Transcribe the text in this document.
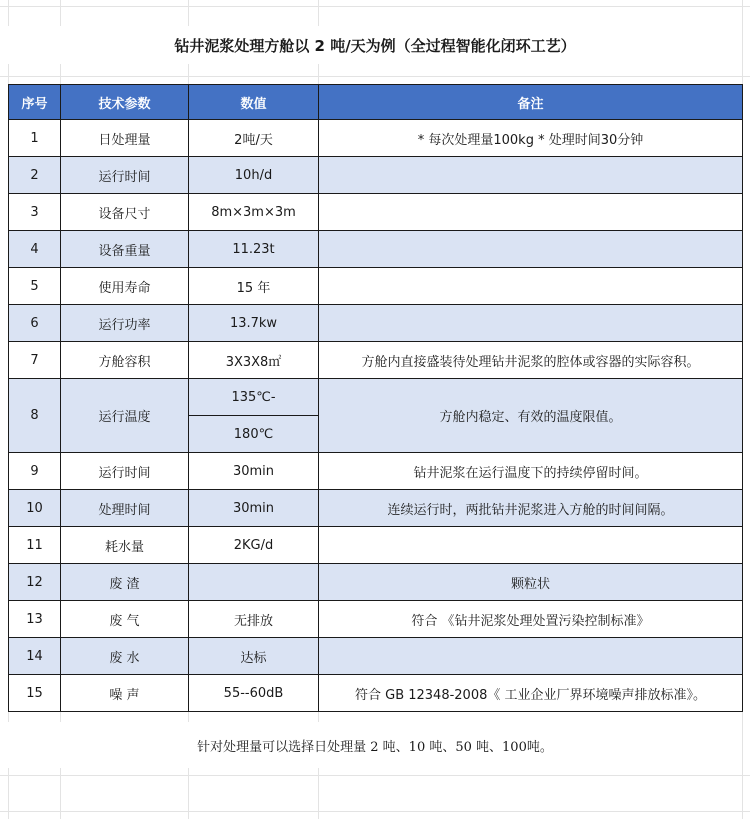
钻井泥浆处理方舱以 2 吨/天为例（全过程智能化闭环工艺）
序号	技术参数	数值	备注
1	日处理量	2吨/天	* 每次处理量100kg * 处理时间30分钟
2	运行时间	10h/d	
3	设备尺寸	8m×3m×3m	
4	设备重量	11.23t	
5	使用寿命	15 年	
6	运行功率	13.7kw	
7	方舱容积	3X3X8㎡	方舱内直接盛装待处理钻井泥浆的腔体或容器的实际容积。
8	运行温度	135℃-	方舱内稳定、有效的温度限值。
		180℃	
9	运行时间	30min	钻井泥浆在运行温度下的持续停留时间。
10	处理时间	30min	连续运行时，两批钻井泥浆进入方舱的时间间隔。
11	耗水量	2KG/d	
12	废 渣		颗粒状
13	废 气	无排放	符合 《钻井泥浆处理处置污染控制标准》
14	废 水	达标	
15	噪 声	55--60dB	符合 GB 12348-2008《 工业企业厂界环境噪声排放标准》。
针对处理量可以选择日处理量 2 吨、10 吨、50 吨、100吨。
